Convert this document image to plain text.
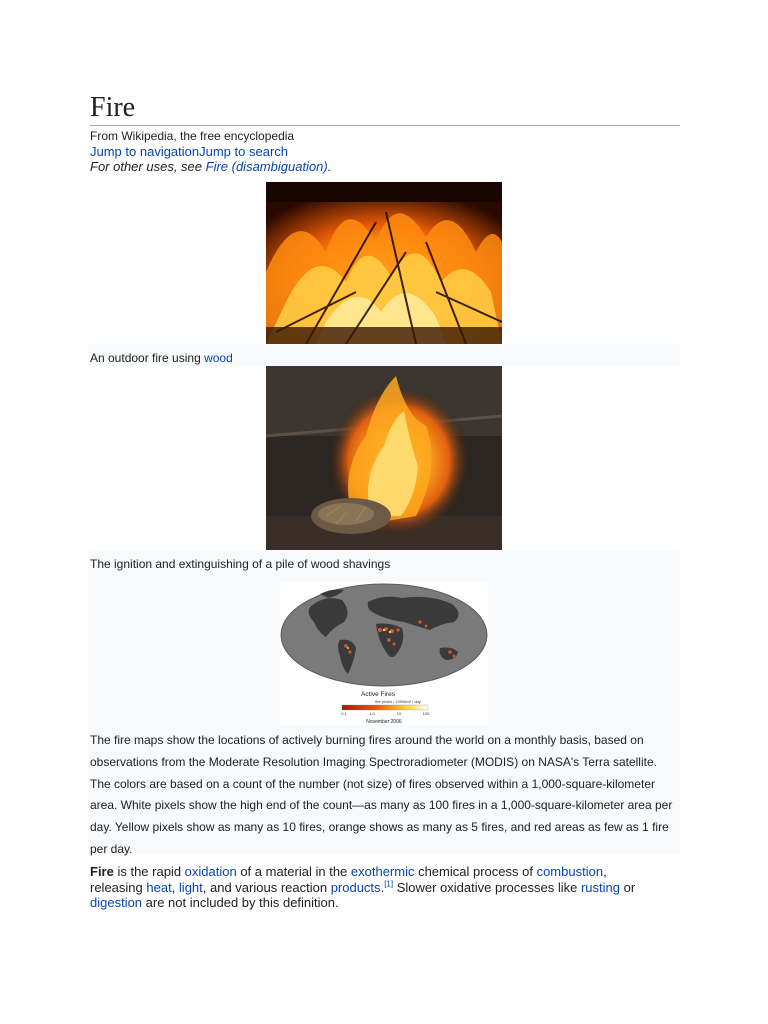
Fire
From Wikipedia, the free encyclopedia
Jump to navigationJump to search
For other uses, see Fire (disambiguation).
An outdoor fire using wood
The ignition and extinguishing of a pile of wood shavings
Active Fires
fire pixels / 1000km² / day
0.1	1.0	10	100
November 2006
The fire maps show the locations of actively burning fires around the world on a monthly basis, based on observations from the Moderate Resolution Imaging Spectroradiometer (MODIS) on NASA's Terra satellite. The colors are based on a count of the number (not size) of fires observed within a 1,000-square-kilometer area. White pixels show the high end of the count—as many as 100 fires in a 1,000-square-kilometer area per day. Yellow pixels show as many as 10 fires, orange shows as many as 5 fires, and red areas as few as 1 fire per day.
Fire is the rapid oxidation of a material in the exothermic chemical process of combustion, releasing heat, light, and various reaction products.[1] Slower oxidative processes like rusting or digestion are not included by this definition.
